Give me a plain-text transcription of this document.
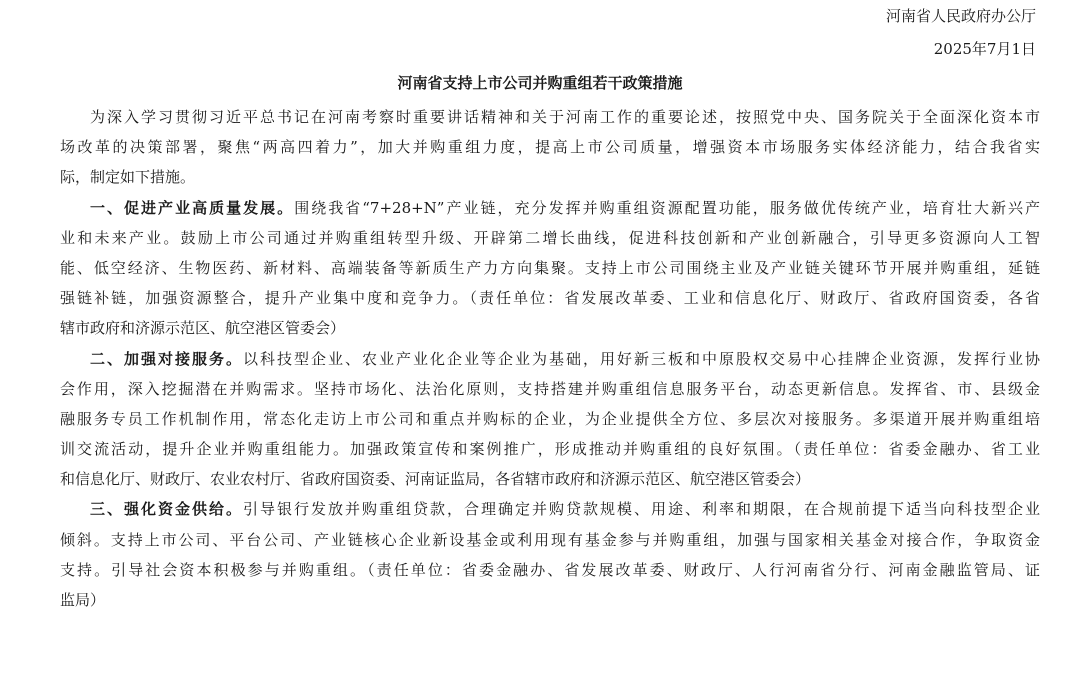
河南省人民政府办公厅
2025年7月1日
河南省支持上市公司并购重组若干政策措施
为深入学习贯彻习近平总书记在河南考察时重要讲话精神和关于河南工作的重要论述，按照党中央、国务院关于全面深化资本市
场改革的决策部署，聚焦“两高四着力”，加大并购重组力度，提高上市公司质量，增强资本市场服务实体经济能力，结合我省实
际，制定如下措施。
一、促进产业高质量发展。围绕我省“7+28+N”产业链，充分发挥并购重组资源配置功能，服务做优传统产业，培育壮大新兴产
业和未来产业。鼓励上市公司通过并购重组转型升级、开辟第二增长曲线，促进科技创新和产业创新融合，引导更多资源向人工智
能、低空经济、生物医药、新材料、高端装备等新质生产力方向集聚。支持上市公司围绕主业及产业链关键环节开展并购重组，延链
强链补链，加强资源整合，提升产业集中度和竞争力。（责任单位：省发展改革委、工业和信息化厅、财政厅、省政府国资委，各省
辖市政府和济源示范区、航空港区管委会）
二、加强对接服务。以科技型企业、农业产业化企业等企业为基础，用好新三板和中原股权交易中心挂牌企业资源，发挥行业协
会作用，深入挖掘潜在并购需求。坚持市场化、法治化原则，支持搭建并购重组信息服务平台，动态更新信息。发挥省、市、县级金
融服务专员工作机制作用，常态化走访上市公司和重点并购标的企业，为企业提供全方位、多层次对接服务。多渠道开展并购重组培
训交流活动，提升企业并购重组能力。加强政策宣传和案例推广，形成推动并购重组的良好氛围。（责任单位：省委金融办、省工业
和信息化厅、财政厅、农业农村厅、省政府国资委、河南证监局，各省辖市政府和济源示范区、航空港区管委会）
三、强化资金供给。引导银行发放并购重组贷款，合理确定并购贷款规模、用途、利率和期限，在合规前提下适当向科技型企业
倾斜。支持上市公司、平台公司、产业链核心企业新设基金或利用现有基金参与并购重组，加强与国家相关基金对接合作，争取资金
支持。引导社会资本积极参与并购重组。（责任单位：省委金融办、省发展改革委、财政厅、人行河南省分行、河南金融监管局、证
监局）
